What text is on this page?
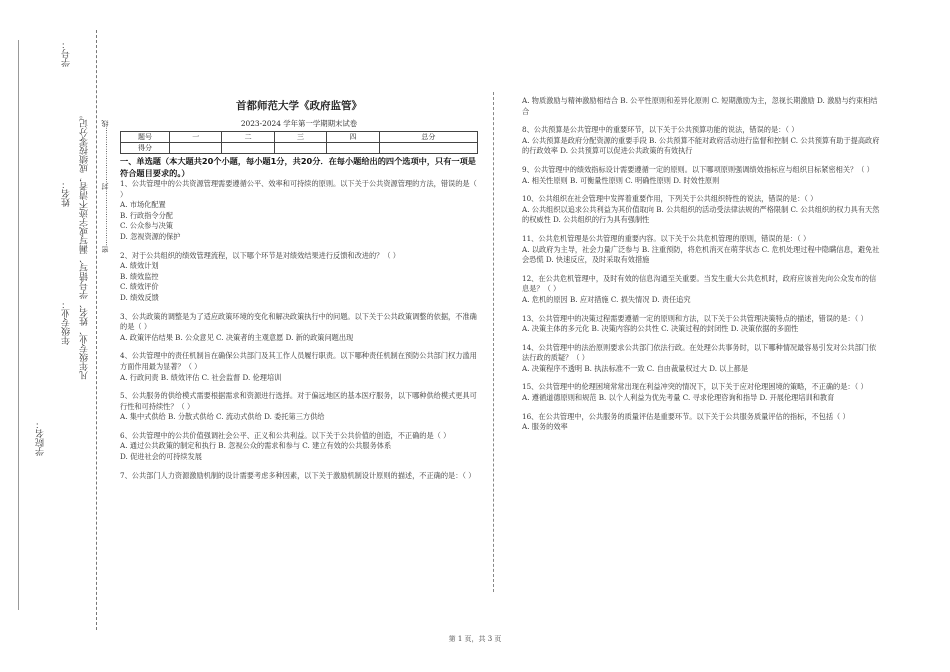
学号：
姓名：
年级专业：
学院名：
凡年级专业、姓名、学号错写、漏写或字迹不清者，成绩按零分记。 密……………………封……………………线
首都师范大学《政府监管》
2023-2024 学年第一学期期末试卷
题号	一	二	三	四	总分
得分					
一、单选题（本大题共20个小题，每小题1分，共20分．在每小题给出的四个选项中，只有一项是符合题目要求的。）

1、公共管理中的公共资源管理需要遵循公平、效率和可持续的原则。以下关于公共资源管理的方法，错误的是（ ）

A. 市场化配置

B. 行政指令分配

C. 公众参与决策

D. 忽视资源的保护

2、对于公共组织的绩效管理流程，以下哪个环节是对绩效结果进行反馈和改进的？（ ）

A. 绩效计划

B. 绩效监控

C. 绩效评价

D. 绩效反馈

3、公共政策的调整是为了适应政策环境的变化和解决政策执行中的问题。以下关于公共政策调整的依据，不准确的是（ ）

A. 政策评估结果 B. 公众意见 C. 决策者的主观意愿 D. 新的政策问题出现

4、公共管理中的责任机制旨在确保公共部门及其工作人员履行职责。以下哪种责任机制在预防公共部门权力滥用方面作用最为显著？（ ）

A. 行政问责 B. 绩效评估 C. 社会监督 D. 伦理培训

5、公共服务的供给模式需要根据需求和资源进行选择。对于偏远地区的基本医疗服务，以下哪种供给模式更具可行性和可持续性？（ ）

A. 集中式供给 B. 分散式供给 C. 流动式供给 D. 委托第三方供给

6、公共管理中的公共价值强调社会公平、正义和公共利益。以下关于公共价值的创造，不正确的是（ ）

A. 通过公共政策的制定和执行 B. 忽视公众的需求和参与 C. 建立有效的公共服务体系

D. 促进社会的可持续发展

7、公共部门人力资源激励机制的设计需要考虑多种因素，以下关于激励机制设计原则的描述，不正确的是：（ ）

A. 物质激励与精神激励相结合 B. 公平性原则和差异化原则 C. 短期激励为主，忽视长期激励 D. 激励与约束相结合

8、公共预算是公共管理中的重要环节，以下关于公共预算功能的说法，错误的是：（ ）

A. 公共预算是政府分配资源的重要手段 B. 公共预算不能对政府活动进行监督和控制 C. 公共预算有助于提高政府的行政效率 D. 公共预算可以促进公共政策的有效执行

9、公共管理中的绩效指标设计需要遵循一定的原则。以下哪项原则强调绩效指标应与组织目标紧密相关？（ ）

A. 相关性原则 B. 可衡量性原则 C. 明确性原则 D. 时效性原则

10、公共组织在社会管理中发挥着重要作用，下列关于公共组织特性的说法，错误的是：（ ）

A. 公共组织以追求公共利益为其价值取向 B. 公共组织的活动受法律法规的严格限制 C. 公共组织的权力具有天然的权威性 D. 公共组织的行为具有强制性

11、公共危机管理是公共管理的重要内容。以下关于公共危机管理的原则，错误的是：（ ）

A. 以政府为主导，社会力量广泛参与 B. 注重预防，将危机消灭在萌芽状态 C. 危机处理过程中隐瞒信息，避免社会恐慌 D. 快速反应，及时采取有效措施

12、在公共危机管理中，及时有效的信息沟通至关重要。当发生重大公共危机时，政府应该首先向公众发布的信息是？（ ）

A. 危机的原因 B. 应对措施 C. 损失情况 D. 责任追究

13、公共管理中的决策过程需要遵循一定的原则和方法，以下关于公共管理决策特点的描述，错误的是：（ ）

A. 决策主体的多元化 B. 决策内容的公共性 C. 决策过程的封闭性 D. 决策依据的多面性

14、公共管理中的法治原则要求公共部门依法行政。在处理公共事务时，以下哪种情况最容易引发对公共部门依法行政的质疑？（ ）

A. 决策程序不透明 B. 执法标准不一致 C. 自由裁量权过大 D. 以上都是

15、公共管理中的伦理困境常常出现在利益冲突的情况下，以下关于应对伦理困境的策略，不正确的是：（ ）

A. 遵循道德原则和规范 B. 以个人利益为优先考量 C. 寻求伦理咨询和指导 D. 开展伦理培训和教育

16、在公共管理中，公共服务的质量评估是重要环节。以下关于公共服务质量评估的指标，不包括（ ）

A. 服务的效率

第 1 页，共 3 页
